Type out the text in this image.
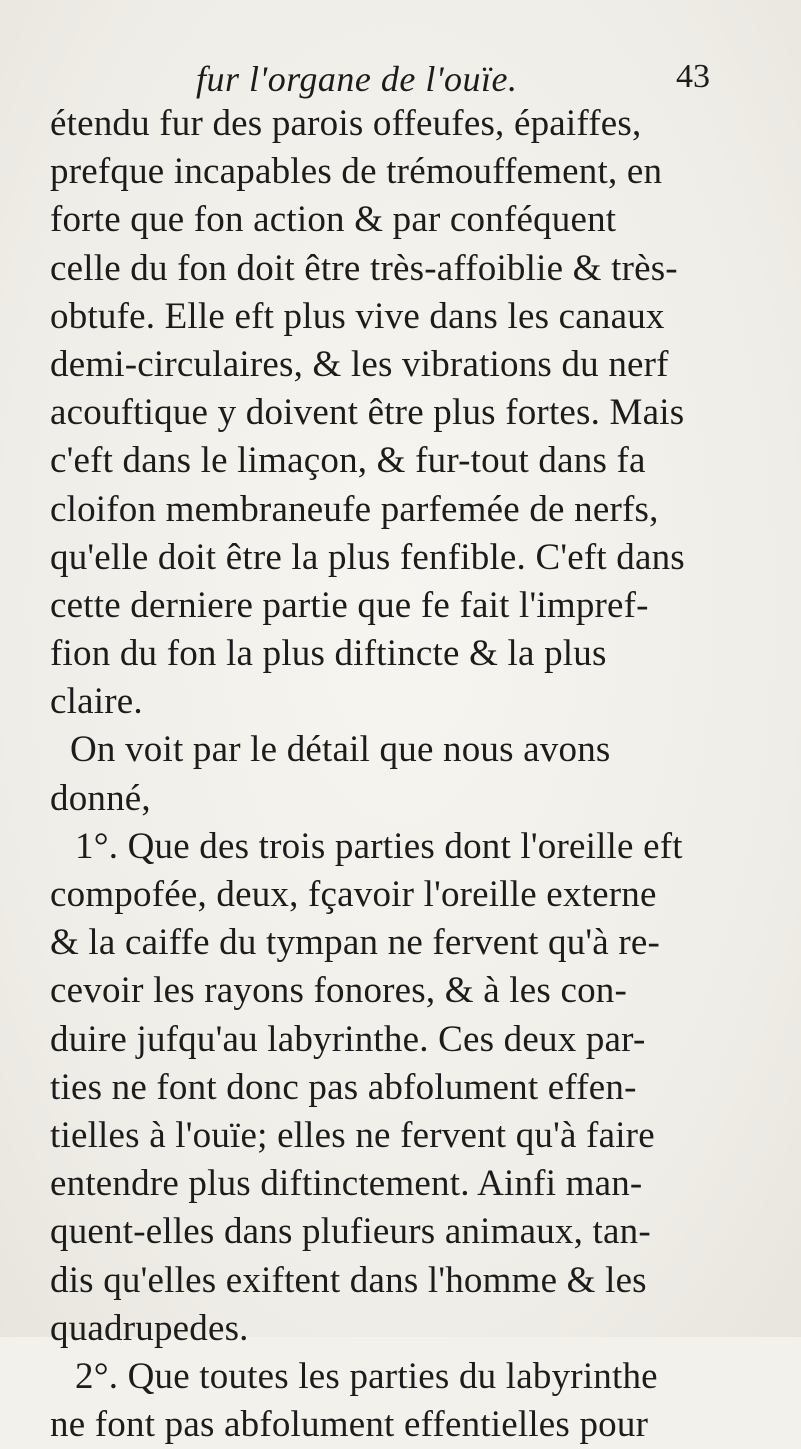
fur l'organe de l'ouïe.	43
étendu fur des parois offeufes, épaiffes,
prefque incapables de trémouffement, en
forte que fon action & par conféquent
celle du fon doit être très-affoiblie & très-
obtufe. Elle eft plus vive dans les canaux
demi-circulaires, & les vibrations du nerf
acouftique y doivent être plus fortes. Mais
c'eft dans le limaçon, & fur-tout dans fa
cloifon membraneufe parfemée de nerfs,
qu'elle doit être la plus fenfible. C'eft dans
cette derniere partie que fe fait l'impref-
fion du fon la plus diftincte & la plus
claire.
On voit par le détail que nous avons
donné,
1°. Que des trois parties dont l'oreille eft
compofée, deux, fçavoir l'oreille externe
& la caiffe du tympan ne fervent qu'à re-
cevoir les rayons fonores, & à les con-
duire jufqu'au labyrinthe. Ces deux par-
ties ne font donc pas abfolument effen-
tielles à l'ouïe; elles ne fervent qu'à faire
entendre plus diftinctement. Ainfi man-
quent-elles dans plufieurs animaux, tan-
dis qu'elles exiftent dans l'homme & les
quadrupedes.
2°. Que toutes les parties du labyrinthe
ne font pas abfolument effentielles pour
